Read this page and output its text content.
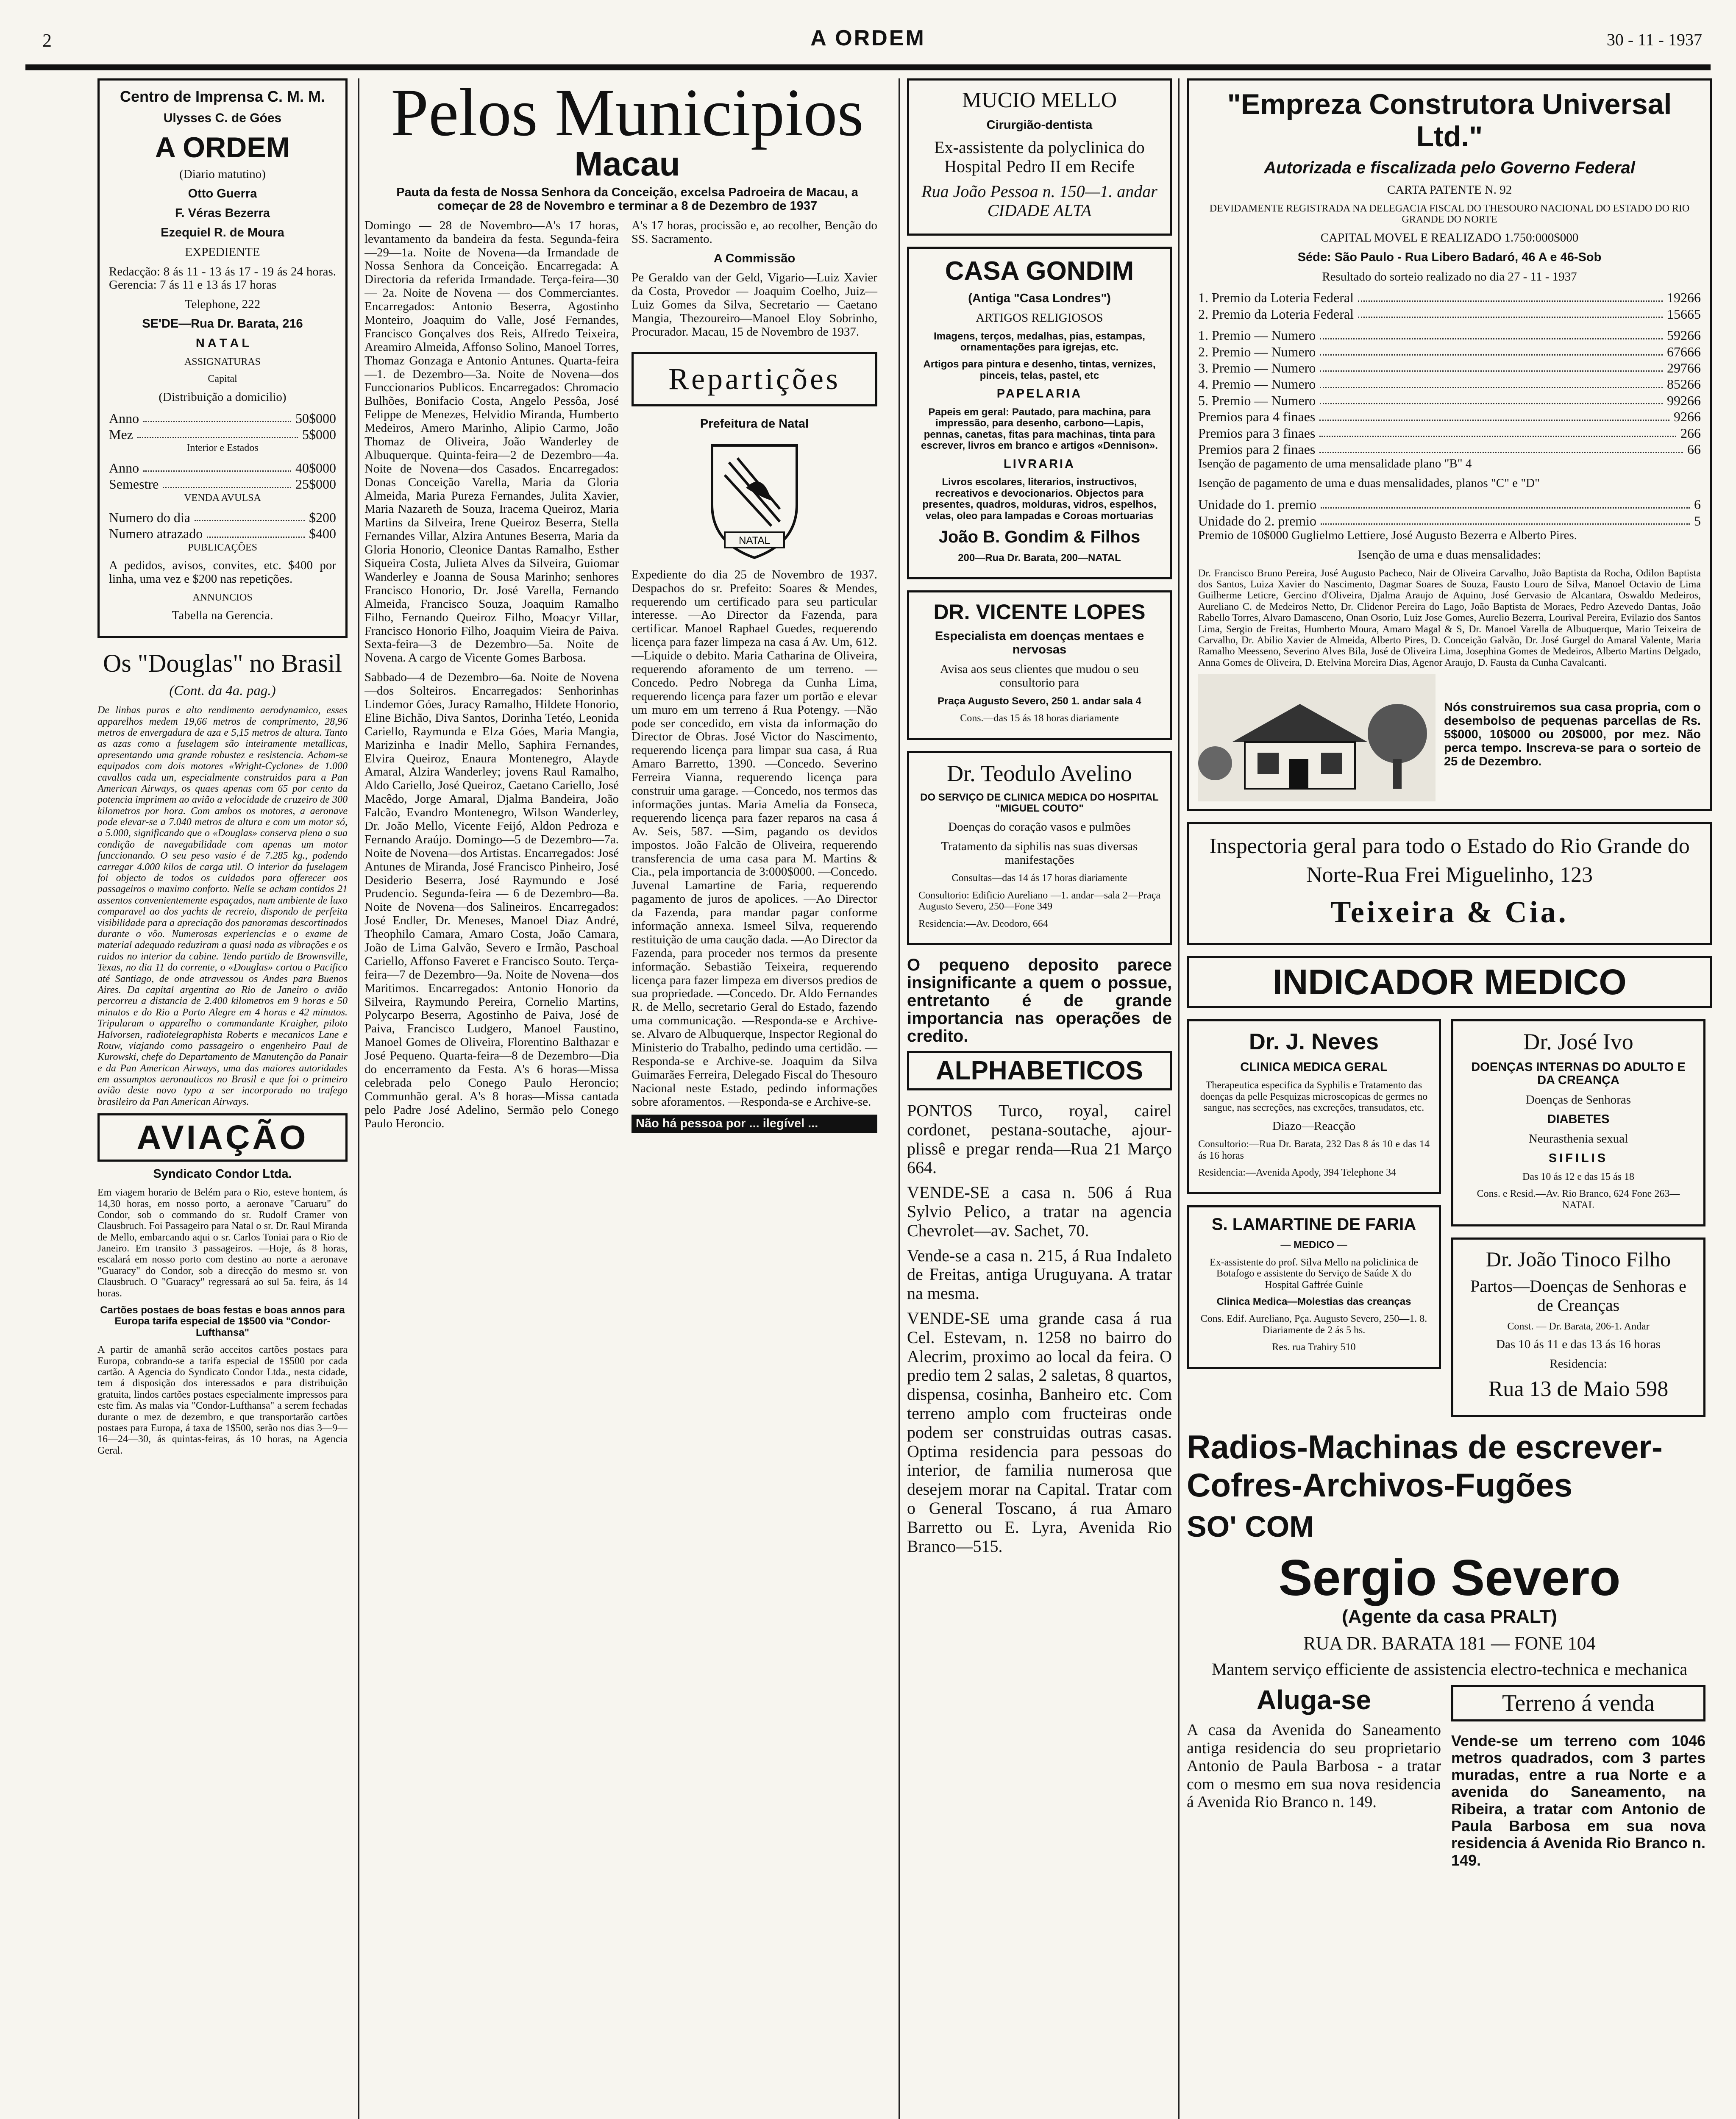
2	A ORDEM	30 - 11 - 1937

Centro de Imprensa C. M. M.

Ulysses C. de Góes

A ORDEM

(Diario matutino)

Otto Guerra

F. Véras Bezerra

Ezequiel R. de Moura

EXPEDIENTE

Redacção: 8 ás 11 - 13 ás 17 - 19 ás 24 horas. Gerencia: 7 ás 11 e 13 ás 17 horas

Telephone, 222

SE'DE—Rua Dr. Barata, 216

N A T A L

ASSIGNATURAS

Capital

(Distribuição a domicilio)

Anno	50$000
Mez	5$000

Interior e Estados

Anno	40$000
Semestre	25$000

VENDA AVULSA

Numero do dia	$200
Numero atrazado	$400

PUBLICAÇÕES

A pedidos, avisos, convites, etc. $400 por linha, uma vez e $200 nas repetições.

ANNUNCIOS

Tabella na Gerencia.

Os "Douglas" no Brasil

(Cont. da 4a. pag.)

De linhas puras e alto rendimento aerodynamico, esses apparelhos medem 19,66 metros de comprimento, 28,96 metros de envergadura de aza e 5,15 metros de altura. Tanto as azas como a fuselagem são inteiramente metallicas, apresentando uma grande robustez e resistencia. Acham-se equipados com dois motores «Wright-Cyclone» de 1.000 cavallos cada um, especialmente construidos para a Pan American Airways, os quaes apenas com 65 por cento da potencia imprimem ao avião a velocidade de cruzeiro de 300 kilometros por hora. Com ambos os motores, a aeronave pode elevar-se a 7.040 metros de altura e com um motor só, a 5.000, significando que o «Douglas» conserva plena a sua condição de navegabilidade com apenas um motor funccionando. O seu peso vasio é de 7.285 kg., podendo carregar 4.000 kilos de carga util. O interior da fuselagem foi objecto de todos os cuidados para offerecer aos passageiros o maximo conforto. Nelle se acham contidos 21 assentos convenientemente espaçados, num ambiente de luxo comparavel ao dos yachts de recreio, dispondo de perfeita visibilidade para a apreciação dos panoramas descortinados durante o vôo. Numerosas experiencias e o exame de material adequado reduziram a quasi nada as vibrações e os ruidos no interior da cabine. Tendo partido de Brownsville, Texas, no dia 11 do corrente, o «Douglas» cortou o Pacifico até Santiago, de onde atravessou os Andes para Buenos Aires. Da capital argentina ao Rio de Janeiro o avião percorreu a distancia de 2.400 kilometros em 9 horas e 50 minutos e do Rio a Porto Alegre em 4 horas e 42 minutos. Tripularam o apparelho o commandante Kraigher, piloto Halvorsen, radiotelegraphista Roberts e mecanicos Lane e Rouw, viajando como passageiro o engenheiro Paul de Kurowski, chefe do Departamento de Manutenção da Panair e da Pan American Airways, uma das maiores autoridades em assumptos aeronauticos no Brasil e que foi o primeiro avião deste novo typo a ser incorporado no trafego brasileiro da Pan American Airways.

AVIAÇÃO

Syndicato Condor Ltda.

Em viagem horario de Belém para o Rio, esteve hontem, ás 14,30 horas, em nosso porto, a aeronave "Caruaru" do Condor, sob o commando do sr. Rudolf Cramer von Clausbruch. Foi Passageiro para Natal o sr. Dr. Raul Miranda de Mello, embarcando aqui o sr. Carlos Toniai para o Rio de Janeiro. Em transito 3 passageiros. —Hoje, ás 8 horas, escalará em nosso porto com destino ao norte a aeronave "Guaracy" do Condor, sob a direcção do mesmo sr. von Clausbruch. O "Guaracy" regressará ao sul 5a. feira, ás 14 horas.

Cartões postaes de boas festas e boas annos para Europa tarifa especial de 1$500 via "Condor-Lufthansa"

A partir de amanhã serão acceitos cartões postaes para Europa, cobrando-se a tarifa especial de 1$500 por cada cartão. A Agencia do Syndicato Condor Ltda., nesta cidade, tem á disposição dos interessados e para distribuição gratuita, lindos cartões postaes especialmente impressos para este fim. As malas via "Condor-Lufthansa" a serem fechadas durante o mez de dezembro, e que transportarão cartões postaes para Europa, á taxa de 1$500, serão nos dias 3—9—16—24—30, ás quintas-feiras, ás 10 horas, na Agencia Geral.

Pelos Municipios

Macau

Pauta da festa de Nossa Senhora da Conceição, excelsa Padroeira de Macau, a começar de 28 de Novembro e terminar a 8 de Dezembro de 1937

Domingo — 28 de Novembro—A's 17 horas, levantamento da bandeira da festa. Segunda-feira—29—1a. Noite de Novena—da Irmandade de Nossa Senhora da Conceição. Encarregada: A Directoria da referida Irmandade. Terça-feira—30 — 2a. Noite de Novena — dos Commerciantes. Encarregados: Antonio Beserra, Agostinho Monteiro, Joaquim do Valle, José Fernandes, Francisco Gonçalves dos Reis, Alfredo Teixeira, Areamiro Almeida, Affonso Solino, Manoel Torres, Thomaz Gonzaga e Antonio Antunes. Quarta-feira—1. de Dezembro—3a. Noite de Novena—dos Funccionarios Publicos. Encarregados: Chromacio Bulhões, Bonifacio Costa, Angelo Pessôa, José Felippe de Menezes, Helvidio Miranda, Humberto Medeiros, Amero Marinho, Alipio Carmo, João Thomaz de Oliveira, João Wanderley de Albuquerque. Quinta-feira—2 de Dezembro—4a. Noite de Novena—dos Casados. Encarregados: Donas Conceição Varella, Maria da Gloria Almeida, Maria Pureza Fernandes, Julita Xavier, Maria Nazareth de Souza, Iracema Queiroz, Maria Martins da Silveira, Irene Queiroz Beserra, Stella Fernandes Villar, Alzira Antunes Beserra, Maria da Gloria Honorio, Cleonice Dantas Ramalho, Esther Siqueira Costa, Julieta Alves da Silveira, Guiomar Wanderley e Joanna de Sousa Marinho; senhores Francisco Honorio, Dr. José Varella, Fernando Almeida, Francisco Souza, Joaquim Ramalho Filho, Fernando Queiroz Filho, Moacyr Villar, Francisco Honorio Filho, Joaquim Vieira de Paiva. Sexta-feira—3 de Dezembro—5a. Noite de Novena. A cargo de Vicente Gomes Barbosa.

Sabbado—4 de Dezembro—6a. Noite de Novena—dos Solteiros. Encarregados: Senhorinhas Lindemor Góes, Juracy Ramalho, Hildete Honorio, Eline Bichão, Diva Santos, Dorinha Tetéo, Leonida Cariello, Raymunda e Elza Góes, Maria Mangia, Marizinha e Inadir Mello, Saphira Fernandes, Elvira Queiroz, Enaura Montenegro, Alayde Amaral, Alzira Wanderley; jovens Raul Ramalho, Aldo Cariello, José Queiroz, Caetano Cariello, José Macêdo, Jorge Amaral, Djalma Bandeira, João Falcão, Evandro Montenegro, Wilson Wanderley, Dr. João Mello, Vicente Feijó, Aldon Pedroza e Fernando Araújo. Domingo—5 de Dezembro—7a. Noite de Novena—dos Artistas. Encarregados: José Antunes de Miranda, José Francisco Pinheiro, José Desiderio Beserra, José Raymundo e José Prudencio. Segunda-feira — 6 de Dezembro—8a. Noite de Novena—dos Salineiros. Encarregados: José Endler, Dr. Meneses, Manoel Diaz André, Theophilo Camara, Amaro Costa, João Camara, João de Lima Galvão, Severo e Irmão, Paschoal Cariello, Affonso Faveret e Francisco Souto. Terça-feira—7 de Dezembro—9a. Noite de Novena—dos Maritimos. Encarregados: Antonio Honorio da Silveira, Raymundo Pereira, Cornelio Martins, Polycarpo Beserra, Agostinho de Paiva, José de Paiva, Francisco Ludgero, Manoel Faustino, Manoel Gomes de Oliveira, Florentino Balthazar e José Pequeno. Quarta-feira—8 de Dezembro—Dia do encerramento da Festa. A's 6 horas—Missa celebrada pelo Conego Paulo Heroncio; Communhão geral. A's 8 horas—Missa cantada pelo Padre José Adelino, Sermão pelo Conego Paulo Heroncio.

A's 17 horas, procissão e, ao recolher, Benção do SS. Sacramento.

A Commissão

Pe Geraldo van der Geld, Vigario—Luiz Xavier da Costa, Provedor — Joaquim Coelho, Juiz—Luiz Gomes da Silva, Secretario — Caetano Mangia, Thezoureiro—Manoel Eloy Sobrinho, Procurador. Macau, 15 de Novembro de 1937.

Repartições

Prefeitura de Natal

NATAL

Expediente do dia 25 de Novembro de 1937. Despachos do sr. Prefeito: Soares & Mendes, requerendo um certificado para seu particular interesse. —Ao Director da Fazenda, para certificar. Manoel Raphael Guedes, requerendo licença para fazer limpeza na casa á Av. Um, 612. —Liquide o debito. Maria Catharina de Oliveira, requerendo aforamento de um terreno. —Concedo. Pedro Nobrega da Cunha Lima, requerendo licença para fazer um portão e elevar um muro em um terreno á Rua Potengy. —Não pode ser concedido, em vista da informação do Director de Obras. José Victor do Nascimento, requerendo licença para limpar sua casa, á Rua Amaro Barretto, 1390. —Concedo. Severino Ferreira Vianna, requerendo licença para construir uma garage. —Concedo, nos termos das informações juntas. Maria Amelia da Fonseca, requerendo licença para fazer reparos na casa á Av. Seis, 587. —Sim, pagando os devidos impostos. João Falcão de Oliveira, requerendo transferencia de uma casa para M. Martins & Cia., pela importancia de 3:000$000. —Concedo. Juvenal Lamartine de Faria, requerendo pagamento de juros de apolices. —Ao Director da Fazenda, para mandar pagar conforme informação annexa. Ismeel Silva, requerendo restituição de uma caução dada. —Ao Director da Fazenda, para proceder nos termos da presente informação. Sebastião Teixeira, requerendo licença para fazer limpeza em diversos predios de sua propriedade. —Concedo. Dr. Aldo Fernandes R. de Mello, secretario Geral do Estado, fazendo uma communicação. —Responda-se e Archive-se. Alvaro de Albuquerque, Inspector Regional do Ministerio do Trabalho, pedindo uma certidão. —Responda-se e Archive-se. Joaquim da Silva Guimarães Ferreira, Delegado Fiscal do Thesouro Nacional neste Estado, pedindo informações sobre aforamentos. —Responda-se e Archive-se.

Não há pessoa por ... ilegível ...

MUCIO MELLO

Cirurgião-dentista

Ex-assistente da polyclinica do Hospital Pedro II em Recife

Rua João Pessoa n. 150—1. andar CIDADE ALTA

CASA GONDIM

(Antiga "Casa Londres")

ARTIGOS RELIGIOSOS

Imagens, terços, medalhas, pias, estampas, ornamentações para igrejas, etc.

Artigos para pintura e desenho, tintas, vernizes, pinceis, telas, pastel, etc

PAPELARIA

Papeis em geral: Pautado, para machina, para impressão, para desenho, carbono—Lapis, pennas, canetas, fitas para machinas, tinta para escrever, livros em branco e artigos «Dennison».

LIVRARIA

Livros escolares, literarios, instructivos, recreativos e devocionarios. Objectos para presentes, quadros, molduras, vidros, espelhos, velas, oleo para lampadas e Coroas mortuarias

João B. Gondim & Filhos

200—Rua Dr. Barata, 200—NATAL

DR. VICENTE LOPES

Especialista em doenças mentaes e nervosas

Avisa aos seus clientes que mudou o seu consultorio para

Praça Augusto Severo, 250 1. andar sala 4

Cons.—das 15 ás 18 horas diariamente

Dr. Teodulo Avelino

DO SERVIÇO DE CLINICA MEDICA DO HOSPITAL "MIGUEL COUTO"

Doenças do coração vasos e pulmões

Tratamento da siphilis nas suas diversas manifestações

Consultas—das 14 ás 17 horas diariamente

Consultorio: Edificio Aureliano —1. andar—sala 2—Praça Augusto Severo, 250—Fone 349

Residencia:—Av. Deodoro, 664

O pequeno deposito parece insignificante a quem o possue, entretanto é de grande importancia nas operações de credito.

ALPHABETICOS

PONTOS Turco, royal, cairel cordonet, pestana-soutache, ajour-plissê e pregar renda—Rua 21 Março 664.

VENDE-SE a casa n. 506 á Rua Sylvio Pelico, a tratar na agencia Chevrolet—av. Sachet, 70.

Vende-se a casa n. 215, á Rua Indaleto de Freitas, antiga Uruguyana. A tratar na mesma.

VENDE-SE uma grande casa á rua Cel. Estevam, n. 1258 no bairro do Alecrim, proximo ao local da feira. O predio tem 2 salas, 2 saletas, 8 quartos, dispensa, cosinha, Banheiro etc. Com terreno amplo com fructeiras onde podem ser construidas outras casas. Optima residencia para pessoas do interior, de familia numerosa que desejem morar na Capital. Tratar com o General Toscano, á rua Amaro Barretto ou E. Lyra, Avenida Rio Branco—515.

"Empreza Construtora Universal Ltd."

Autorizada e fiscalizada pelo Governo Federal

CARTA PATENTE N. 92

DEVIDAMENTE REGISTRADA NA DELEGACIA FISCAL DO THESOURO NACIONAL DO ESTADO DO RIO GRANDE DO NORTE

CAPITAL MOVEL E REALIZADO 1.750:000$000

Séde: São Paulo - Rua Libero Badaró, 46 A e 46-Sob

Resultado do sorteio realizado no dia 27 - 11 - 1937

1. Premio da Loteria Federal	19266
2. Premio da Loteria Federal	15665
1. Premio — Numero	59266
2. Premio — Numero	67666
3. Premio — Numero	29766
4. Premio — Numero	85266
5. Premio — Numero	99266
Premios para 4 finaes	9266
Premios para 3 finaes	266
Premios para 2 finaes	66

Isenção de pagamento de uma mensalidade plano "B" 4

Isenção de pagamento de uma e duas mensalidades, planos "C" e "D"

Unidade do 1. premio	6
Unidade do 2. premio	5

Premio de 10$000 Guglielmo Lettiere, José Augusto Bezerra e Alberto Pires.

Isenção de uma e duas mensalidades:

Dr. Francisco Bruno Pereira, José Augusto Pacheco, Nair de Oliveira Carvalho, João Baptista da Rocha, Odilon Baptista dos Santos, Luiza Xavier do Nascimento, Dagmar Soares de Souza, Fausto Louro de Silva, Manoel Octavio de Lima Guilherme Leticre, Gercino d'Oliveira, Djalma Araujo de Aquino, José Gervasio de Alcantara, Oswaldo Medeiros, Aureliano C. de Medeiros Netto, Dr. Clidenor Pereira do Lago, João Baptista de Moraes, Pedro Azevedo Dantas, João Rabello Torres, Alvaro Damasceno, Onan Osorio, Luiz Jose Gomes, Aurelio Bezerra, Lourival Pereira, Evilazio dos Santos Lima, Sergio de Freitas, Humberto Moura, Amaro Magal & S, Dr. Manoel Varella de Albuquerque, Mario Teixeira de Carvalho, Dr. Abilio Xavier de Almeida, Alberto Pires, D. Conceição Galvão, Dr. José Gurgel do Amaral Valente, Maria Ramalho Meesseno, Severino Alves Bila, José de Oliveira Lima, Josephina Gomes de Medeiros, Alberto Martins Delgado, Anna Gomes de Oliveira, D. Etelvina Moreira Dias, Agenor Araujo, D. Fausta da Cunha Cavalcanti.

Nós construiremos sua casa propria, com o desembolso de pequenas parcellas de Rs. 5$000, 10$000 ou 20$000, por mez. Não perca tempo. Inscreva-se para o sorteio de 25 de Dezembro.

Inspectoria geral para todo o Estado do Rio Grande do Norte-Rua Frei Miguelinho, 123

Teixeira & Cia.

INDICADOR MEDICO

Dr. J. Neves

CLINICA MEDICA GERAL

Therapeutica especifica da Syphilis e Tratamento das doenças da pelle Pesquizas microscopicas de germes no sangue, nas secreções, nas excreções, transudatos, etc.

Diazo—Reacção

Consultorio:—Rua Dr. Barata, 232 Das 8 ás 10 e das 14 ás 16 horas

Residencia:—Avenida Apody, 394 Telephone 34

S. LAMARTINE DE FARIA

— MEDICO —

Ex-assistente do prof. Silva Mello na policlinica de Botafogo e assistente do Serviço de Saúde X do Hospital Gaffrée Guinle

Clinica Medica—Molestias das creanças

Cons. Edif. Aureliano, Pça. Augusto Severo, 250—1. 8. Diariamente de 2 ás 5 hs.

Res. rua Trahiry 510

Dr. José Ivo

DOENÇAS INTERNAS DO ADULTO E DA CREANÇA

Doenças de Senhoras

DIABETES

Neurasthenia sexual

SIFILIS

Das 10 ás 12 e das 15 ás 18

Cons. e Resid.—Av. Rio Branco, 624 Fone 263—NATAL

Dr. João Tinoco Filho

Partos—Doenças de Senhoras e de Creanças

Const. — Dr. Barata, 206-1. Andar

Das 10 ás 11 e das 13 ás 16 horas

Residencia:

Rua 13 de Maio 598

Radios-Machinas de escrever-Cofres-Archivos-Fugões

SO' COM

Sergio Severo

(Agente da casa PRALT)

RUA DR. BARATA 181 — FONE 104

Mantem serviço efficiente de assistencia electro-technica e mechanica

Aluga-se

A casa da Avenida do Saneamento antiga residencia do seu proprietario Antonio de Paula Barbosa - a tratar com o mesmo em sua nova residencia á Avenida Rio Branco n. 149.

Terreno á venda

Vende-se um terreno com 1046 metros quadrados, com 3 partes muradas, entre a rua Norte e a avenida do Saneamento, na Ribeira, a tratar com Antonio de Paula Barbosa em sua nova residencia á Avenida Rio Branco n. 149.
